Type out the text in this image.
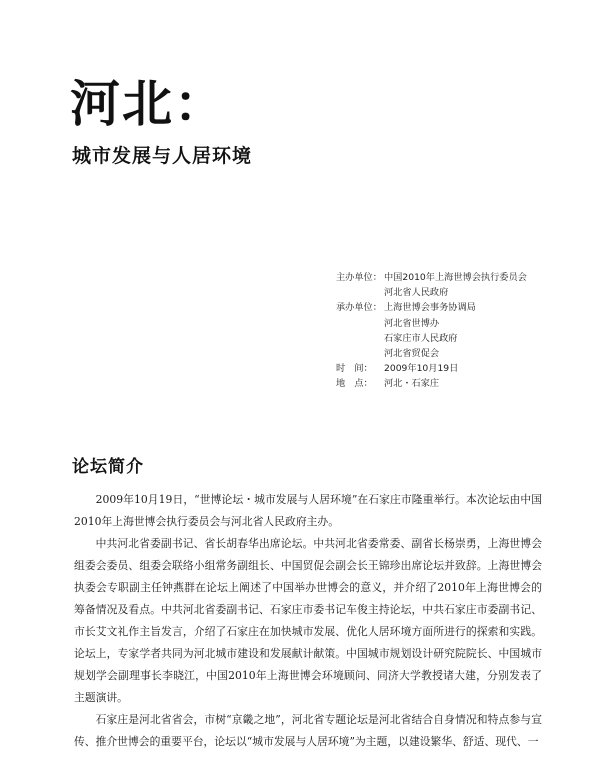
河北：
城市发展与人居环境
主办单位： 中国2010年上海世博会执行委员会
河北省人民政府
承办单位： 上海世博会事务协调局
河北省世博办
石家庄市人民政府
河北省贸促会
时　间：	2009年10月19日
地　点：	河北・石家庄
论坛简介

2009年10月19日，“世博论坛・城市发展与人居环境”在石家庄市隆重举行。本次论坛由中国2010年上海世博会执行委员会与河北省人民政府主办。

中共河北省委副书记、省长胡春华出席论坛。中共河北省委常委、副省长杨崇勇，上海世博会组委会委员、组委会联络小组常务副组长、中国贸促会副会长王锦珍出席论坛并致辞。上海世博会执委会专职副主任钟燕群在论坛上阐述了中国举办世博会的意义，并介绍了2010年上海世博会的筹备情况及看点。中共河北省委副书记、石家庄市委书记车俊主持论坛，中共石家庄市委副书记、市长艾文礼作主旨发言，介绍了石家庄在加快城市发展、优化人居环境方面所进行的探索和实践。论坛上，专家学者共同为河北城市建设和发展献计献策。中国城市规划设计研究院院长、中国城市规划学会副理事长李晓江，中国2010年上海世博会环境顾问、同济大学教授诸大建，分别发表了主题演讲。

石家庄是河北省省会，市树“京畿之地”，河北省专题论坛是河北省结合自身情况和特点参与宣传、推介世博会的重要平台，论坛以“城市发展与人居环境”为主题，以建设繁华、舒适、现代、一
